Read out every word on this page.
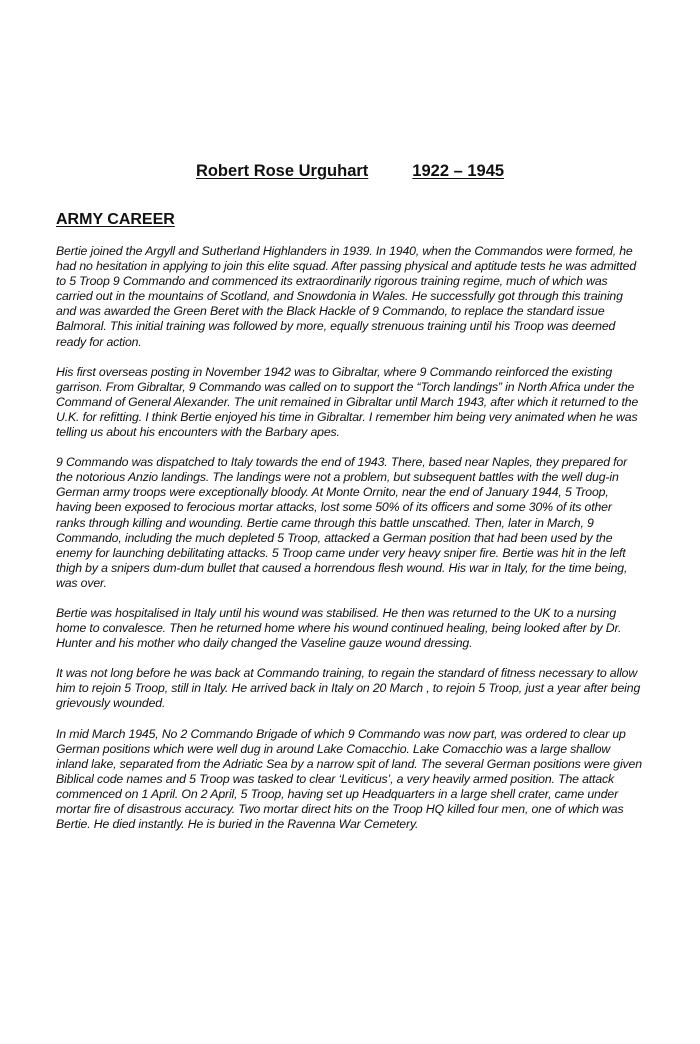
Robert Rose Urguhart	1922 – 1945
ARMY CAREER

Bertie joined the Argyll and Sutherland Highlanders in 1939. In 1940, when the Commandos were formed, he had no hesitation in applying to join this elite squad. After passing physical and aptitude tests he was admitted to 5 Troop 9 Commando and commenced its extraordinarily rigorous training regime, much of which was carried out in the mountains of Scotland, and Snowdonia in Wales. He successfully got through this training and was awarded the Green Beret with the Black Hackle of 9 Commando, to replace the standard issue Balmoral. This initial training was followed by more, equally strenuous training until his Troop was deemed ready for action.

His first overseas posting in November 1942 was to Gibraltar, where 9 Commando reinforced the existing garrison. From Gibraltar, 9 Commando was called on to support the “Torch landings” in North Africa under the Command of General Alexander. The unit remained in Gibraltar until March 1943, after which it returned to the U.K. for refitting. I think Bertie enjoyed his time in Gibraltar. I remember him being very animated when he was telling us about his encounters with the Barbary apes.

9 Commando was dispatched to Italy towards the end of 1943. There, based near Naples, they prepared for the notorious Anzio landings. The landings were not a problem, but subsequent battles with the well dug-in German army troops were exceptionally bloody. At Monte Ornito, near the end of January 1944, 5 Troop, having been exposed to ferocious mortar attacks, lost some 50% of its officers and some 30% of its other ranks through killing and wounding. Bertie came through this battle unscathed. Then, later in March, 9 Commando, including the much depleted 5 Troop, attacked a German position that had been used by the enemy for launching debilitating attacks. 5 Troop came under very heavy sniper fire. Bertie was hit in the left thigh by a snipers dum-dum bullet that caused a horrendous flesh wound. His war in Italy, for the time being, was over.

Bertie was hospitalised in Italy until his wound was stabilised. He then was returned to the UK to a nursing home to convalesce. Then he returned home where his wound continued healing, being looked after by Dr. Hunter and his mother who daily changed the Vaseline gauze wound dressing.

It was not long before he was back at Commando training, to regain the standard of fitness necessary to allow him to rejoin 5 Troop, still in Italy. He arrived back in Italy on 20 March , to rejoin 5 Troop, just a year after being grievously wounded.

In mid March 1945, No 2 Commando Brigade of which 9 Commando was now part, was ordered to clear up German positions which were well dug in around Lake Comacchio. Lake Comacchio was a large shallow inland lake, separated from the Adriatic Sea by a narrow spit of land. The several German positions were given Biblical code names and 5 Troop was tasked to clear ‘Leviticus’, a very heavily armed position. The attack commenced on 1 April. On 2 April, 5 Troop, having set up Headquarters in a large shell crater, came under mortar fire of disastrous accuracy. Two mortar direct hits on the Troop HQ killed four men, one of which was Bertie. He died instantly. He is buried in the Ravenna War Cemetery.
